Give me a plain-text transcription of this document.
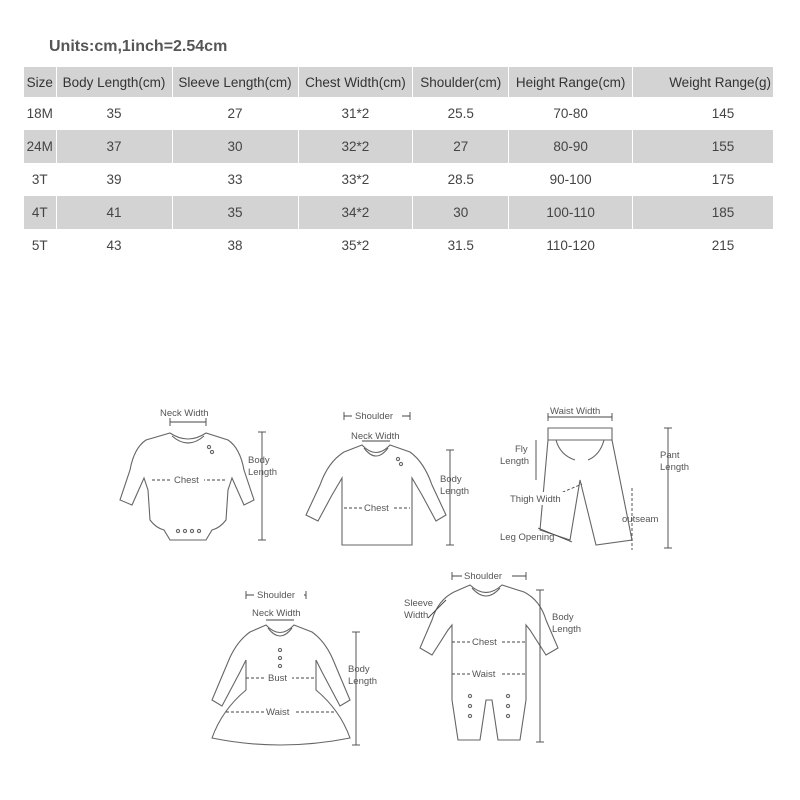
Units:cm,1inch=2.54cm
Size	Body Length(cm)	Sleeve Length(cm)	Chest Width(cm)	Shoulder(cm)	Height Range(cm)	Weight Range(g)
18M	35	27	31*2	25.5	70-80	145
24M	37	30	32*2	27	80-90	155
3T	39	33	33*2	28.5	90-100	175
4T	41	35	34*2	30	100-110	185
5T	43	38	35*2	31.5	110-120	215
Neck Width
Chest
Body
Length
Shoulder
Neck Width
Chest
Body
Length
Waist Width
Fly
Length
Pant
Length
Thigh Width
outseam
Leg Opening
Shoulder
Neck Width
Bust
Waist
Body
Length
Shoulder
Sleeve
Width
Chest
Waist
Body
Length
